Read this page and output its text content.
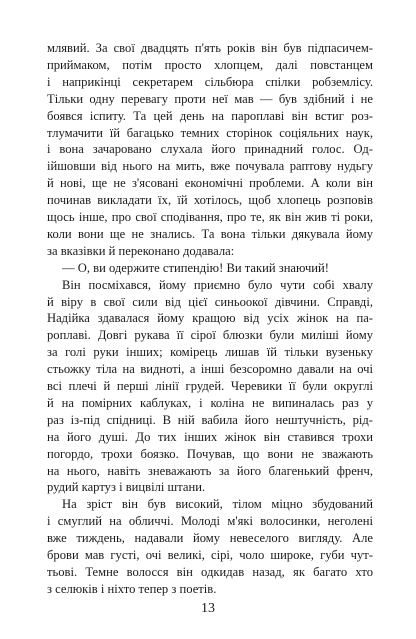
млявий. За свої двадцять п'ять років він був підпасичем-
приймаком, потім просто хлопцем, далі повстанцем
і наприкінці секретарем сільбюра спілки робземлісу.
Тільки одну перевагу проти неї мав — був здібний і не
боявся іспиту. Та цей день на пароплаві він встиг роз-
тлумачити їй багацько темних сторінок соціяльних наук,
і вона зачаровано слухала його принадний голос. Од-
ійшовши від нього на мить, вже почувала раптову нудьгу
й нові, ще не з'ясовані економічні проблеми. А коли він
починав викладати їх, їй хотілось, щоб хлопець розповів
щось інше, про свої сподівання, про те, як він жив ті роки,
коли вони ще не знались. Та вона тільки дякувала йому
за вказівки й переконано додавала:
— О, ви одержите стипендію! Ви такий знаючий!
Він посміхався, йому приємно було чути собі хвалу
й віру в свої сили від цієї синьоокої дівчини. Справді,
Надійка здавалася йому кращою від усіх жінок на па-
роплаві. Довгі рукава її сірої блюзки були милішi йому
за голі руки інших; комірець лишав їй тільки вузеньку
стьожку тіла на видноті, а інші безсоромно давали на очі
всі плечі й перші лінії грудей. Черевики її були округлі
й на помірних каблуках, і коліна не випиналась раз у
раз із-під спідниці. В ній вабила його нештучність, рід-
на його душі. До тих інших жінок він ставився трохи
погордо, трохи боязко. Почував, що вони не зважають
на нього, навіть зневажають за його благенький френч,
рудий картуз і вицвілі штани.
На зріст він був високий, тілом міцно збудований
і смуглий на обличчі. Молоді м'які волосинки, неголені
вже тиждень, надавали йому невеселого вигляду. Але
брови мав густі, очі великі, сірі, чоло широке, губи чут-
тьові. Темне волосся він одкидав назад, як багато хто
з селюків і ніхто тепер з поетів.
13
